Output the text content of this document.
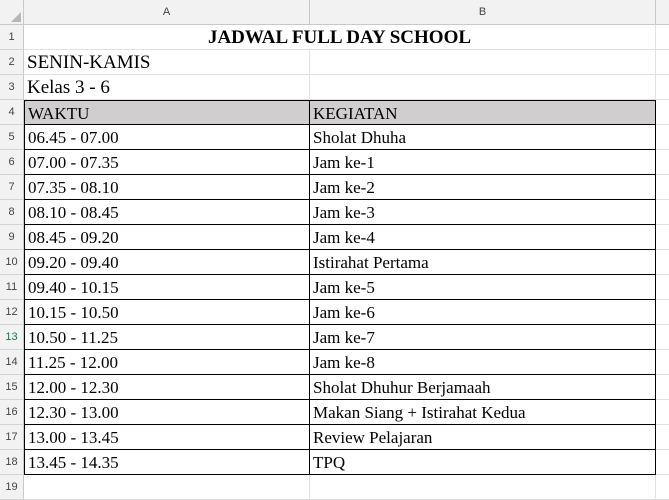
A	B
1
2
3
4
5
6
7
8
9
10
11
12
13
14
15
16
17
18
19
JADWAL FULL DAY SCHOOL
SENIN-KAMIS
Kelas 3 - 6
WAKTU	KEGIATAN
06.45 - 07.00	Sholat Dhuha
07.00 - 07.35	Jam ke-1
07.35 - 08.10	Jam ke-2
08.10 - 08.45	Jam ke-3
08.45 - 09.20	Jam ke-4
09.20 - 09.40	Istirahat Pertama
09.40 - 10.15	Jam ke-5
10.15 - 10.50	Jam ke-6
10.50 - 11.25	Jam ke-7
11.25 - 12.00	Jam ke-8
12.00 - 12.30	Sholat Dhuhur Berjamaah
12.30 - 13.00	Makan Siang + Istirahat Kedua
13.00 - 13.45	Review Pelajaran
13.45 - 14.35	TPQ
